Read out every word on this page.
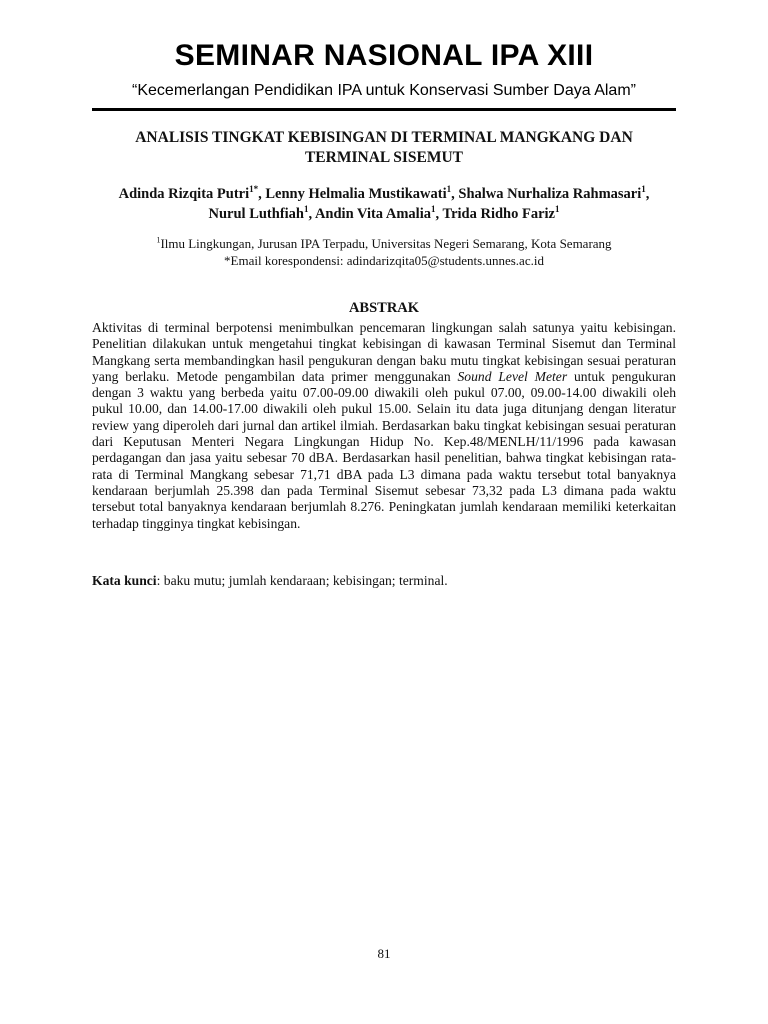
SEMINAR NASIONAL IPA XIII
“Kecemerlangan Pendidikan IPA untuk Konservasi Sumber Daya Alam”
ANALISIS TINGKAT KEBISINGAN DI TERMINAL MANGKANG DAN
TERMINAL SISEMUT
Adinda Rizqita Putri$^{1*}$, Lenny Helmalia Mustikawati$^1$, Shalwa Nurhaliza Rahmasari$^1$,
Nurul Luthfiah$^1$, Andin Vita Amalia$^1$, Trida Ridho Fariz$^1$
$^1$Ilmu Lingkungan, Jurusan IPA Terpadu, Universitas Negeri Semarang, Kota Semarang
*Email korespondensi: adindarizqita05@students.unnes.ac.id
ABSTRAK
Aktivitas di terminal berpotensi menimbulkan pencemaran lingkungan salah satunya yaitu kebisingan. Penelitian dilakukan untuk mengetahui tingkat kebisingan di kawasan Terminal Sisemut dan Terminal Mangkang serta membandingkan hasil pengukuran dengan baku mutu tingkat kebisingan sesuai peraturan yang berlaku. Metode pengambilan data primer menggunakan Sound Level Meter untuk pengukuran dengan 3 waktu yang berbeda yaitu 07.00-09.00 diwakili oleh pukul 07.00, 09.00-14.00 diwakili oleh pukul 10.00, dan 14.00-17.00 diwakili oleh pukul 15.00. Selain itu data juga ditunjang dengan literatur review yang diperoleh dari jurnal dan artikel ilmiah. Berdasarkan baku tingkat kebisingan sesuai peraturan dari Keputusan Menteri Negara Lingkungan Hidup No. Kep.48/MENLH/11/1996 pada kawasan perdagangan dan jasa yaitu sebesar 70 dBA. Berdasarkan hasil penelitian, bahwa tingkat kebisingan rata-rata di Terminal Mangkang sebesar 71,71 dBA pada L3 dimana pada waktu tersebut total banyaknya kendaraan berjumlah 25.398 dan pada Terminal Sisemut sebesar 73,32 pada L3 dimana pada waktu tersebut total banyaknya kendaraan berjumlah 8.276. Peningkatan jumlah kendaraan memiliki keterkaitan terhadap tingginya tingkat kebisingan.
Kata kunci: baku mutu; jumlah kendaraan; kebisingan; terminal.
81
